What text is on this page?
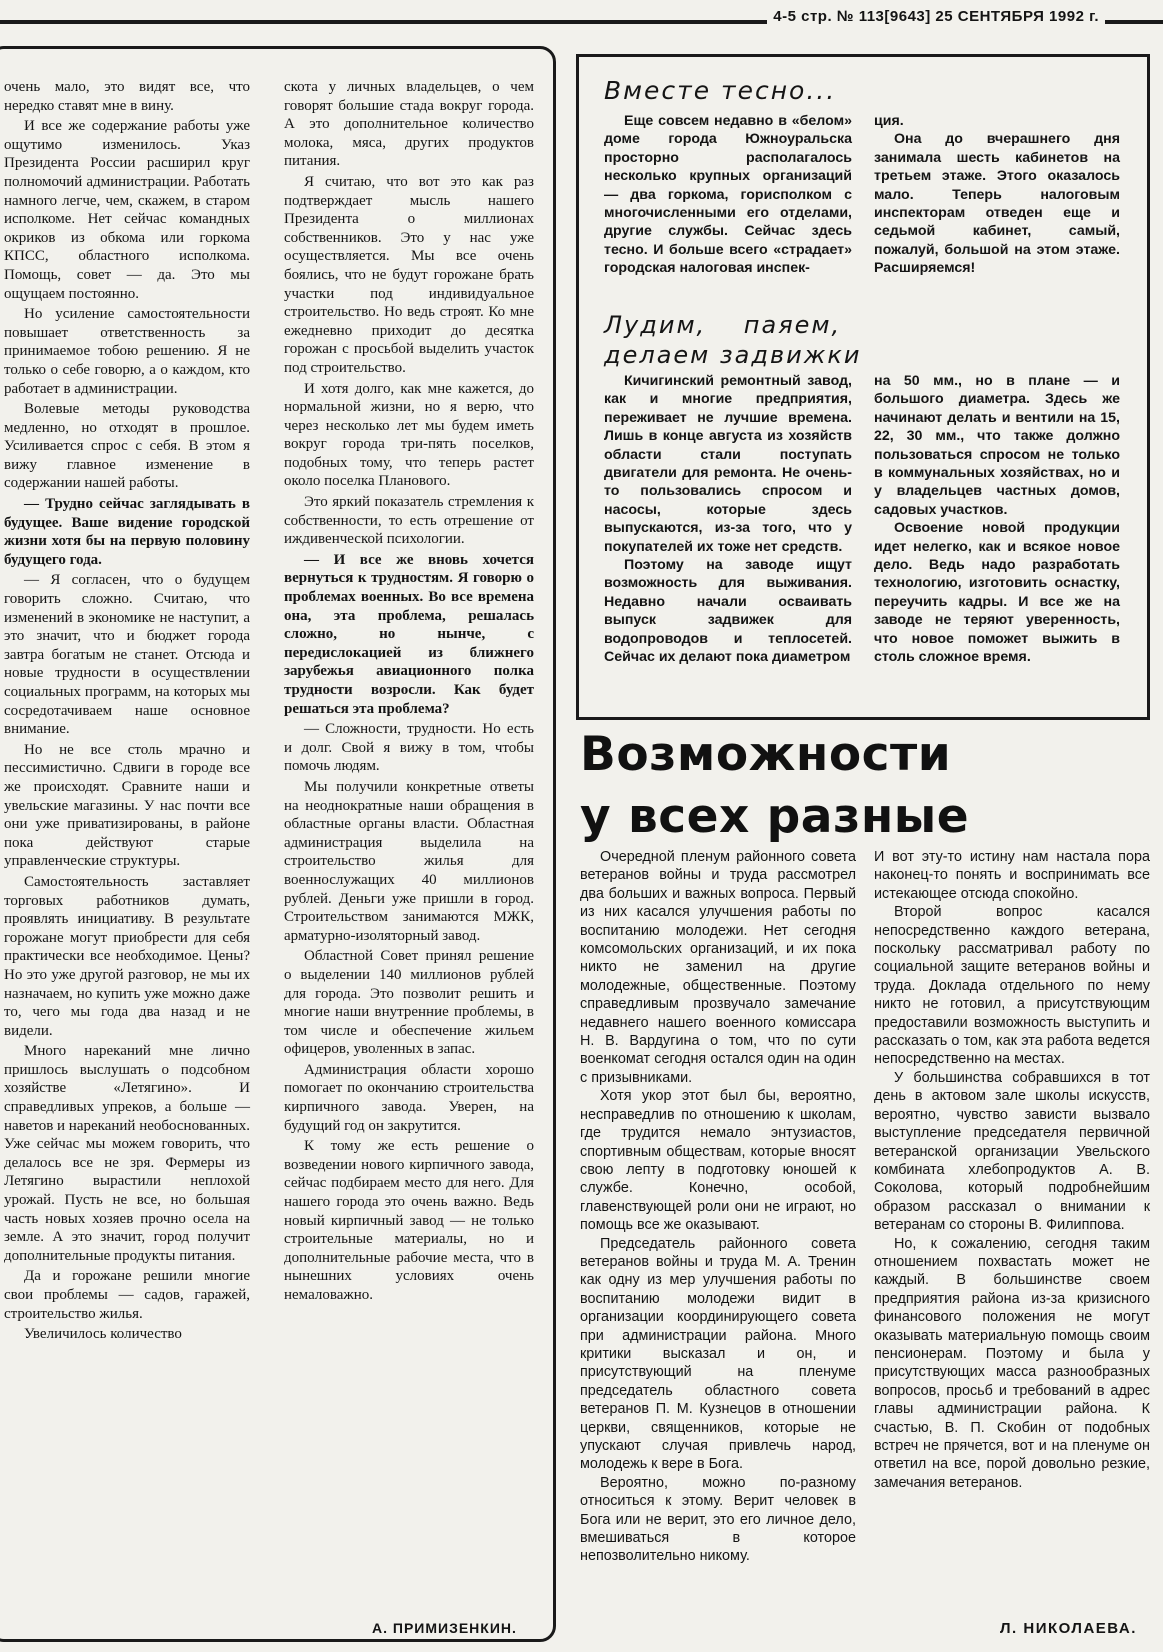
4-5 стр. № 113[9643] 25 СЕНТЯБРЯ 1992 г.

очень мало, это видят все, что нередко ставят мне в вину.

И все же содержание работы уже ощутимо изменилось. Указ Президента России расширил круг полномочий администрации. Работать намного легче, чем, скажем, в старом исполкоме. Нет сейчас командных окриков из обкома или горкома КПСС, областного исполкома. Помощь, совет — да. Это мы ощущаем постоянно.

Но усиление самостоятельности повышает ответственность за принимаемое тобою решению. Я не только о себе говорю, а о каждом, кто работает в администрации.

Волевые методы руководства медленно, но отходят в прошлое. Усиливается спрос с себя. В этом я вижу главное изменение в содержании нашей работы.

— Трудно сейчас заглядывать в будущее. Ваше видение городской жизни хотя бы на первую половину будущего года.

— Я согласен, что о будущем говорить сложно. Считаю, что изменений в экономике не наступит, а это значит, что и бюджет города завтра богатым не станет. Отсюда и новые трудности в осуществлении социальных программ, на которых мы сосредотачиваем наше основное внимание.

Но не все столь мрачно и пессимистично. Сдвиги в городе все же происходят. Сравните наши и увельские магазины. У нас почти все они уже приватизированы, в районе пока действуют старые управленческие структуры.

Самостоятельность заставляет торговых работников думать, проявлять инициативу. В результате горожане могут приобрести для себя практически все необходимое. Цены? Но это уже другой разговор, не мы их назначаем, но купить уже можно даже то, чего мы года два назад и не видели.

Много нареканий мне лично пришлось выслушать о подсобном хозяйстве «Летягино». И справедливых упреков, а больше — наветов и нареканий необоснованных. Уже сейчас мы можем говорить, что делалось все не зря. Фермеры из Летягино вырастили неплохой урожай. Пусть не все, но большая часть новых хозяев прочно осела на земле. А это значит, город получит дополнительные продукты питания.

Да и горожане решили многие свои проблемы — садов, гаражей, строительство жилья.

Увеличилось количество

скота у личных владельцев, о чем говорят большие стада вокруг города. А это дополнительное количество молока, мяса, других продуктов питания.

Я считаю, что вот это как раз подтверждает мысль нашего Президента о миллионах собственников. Это у нас уже осуществляется. Мы все очень боялись, что не будут горожане брать участки под индивидуальное строительство. Но ведь строят. Ко мне ежедневно приходит до десятка горожан с просьбой выделить участок под строительство.

И хотя долго, как мне кажется, до нормальной жизни, но я верю, что через несколько лет мы будем иметь вокруг города три-пять поселков, подобных тому, что теперь растет около поселка Планового.

Это яркий показатель стремления к собственности, то есть отрешение от иждивенческой психологии.

— И все же вновь хочется вернуться к трудностям. Я говорю о проблемах военных. Во все времена она, эта проблема, решалась сложно, но нынче, с передислокацией из ближнего зарубежья авиационного полка трудности возросли. Как будет решаться эта проблема?

— Сложности, трудности. Но есть и долг. Свой я вижу в том, чтобы помочь людям.

Мы получили конкретные ответы на неоднократные наши обращения в областные органы власти. Областная администрация выделила на строительство жилья для военнослужащих 40 миллионов рублей. Деньги уже пришли в город. Строительством занимаются МЖК, арматурно-изоляторный завод.

Областной Совет принял решение о выделении 140 миллионов рублей для города. Это позволит решить и многие наши внутренние проблемы, в том числе и обеспечение жильем офицеров, уволенных в запас.

Администрация области хорошо помогает по окончанию строительства кирпичного завода. Уверен, на будущий год он закрутится.

К тому же есть решение о возведении нового кирпичного завода, сейчас подбираем место для него. Для нашего города это очень важно. Ведь новый кирпичный завод — не только строительные материалы, но и дополнительные рабочие места, что в нынешних условиях очень немаловажно.

А. ПРИМИЗЕНКИН.
Вместе тесно...

Еще совсем недавно в «белом» доме города Южноуральска просторно располагалось несколько крупных организаций — два горкома, горисполком с многочисленными его отделами, другие службы. Сейчас здесь тесно. И больше всего «страдает» городская налоговая инспек-

ция.

Она до вчерашнего дня занимала шесть кабинетов на третьем этаже. Этого оказалось мало. Теперь налоговым инспекторам отведен еще и седьмой кабинет, самый, пожалуй, большой на этом этаже. Расширяемся!

Лудим, паяем,
делаем задвижки

Кичигинский ремонтный завод, как и многие предприятия, переживает не лучшие времена. Лишь в конце августа из хозяйств области стали поступать двигатели для ремонта. Не очень-то пользовались спросом и насосы, которые здесь выпускаются, из-за того, что у покупателей их тоже нет средств.

Поэтому на заводе ищут возможность для выживания. Недавно начали осваивать выпуск задвижек для водопроводов и теплосетей. Сейчас их делают пока диаметром

на 50 мм., но в плане — и большого диаметра. Здесь же начинают делать и вентили на 15, 22, 30 мм., что также должно пользоваться спросом не только в коммунальных хозяйствах, но и у владельцев частных домов, садовых участков.

Освоение новой продукции идет нелегко, как и всякое новое дело. Ведь надо разработать технологию, изготовить оснастку, переучить кадры. И все же на заводе не теряют уверенность, что новое поможет выжить в столь сложное время.

Возможности
у всех разные

Очередной пленум районного совета ветеранов войны и труда рассмотрел два больших и важных вопроса. Первый из них касался улучшения работы по воспитанию молодежи. Нет сегодня комсомольских организаций, и их пока никто не заменил на другие молодежные, общественные. Поэтому справедливым прозвучало замечание недавнего нашего военного комиссара Н. В. Вардугина о том, что по сути военкомат сегодня остался один на один с призывниками.

Хотя укор этот был бы, вероятно, несправедлив по отношению к школам, где трудится немало энтузиастов, спортивным обществам, которые вносят свою лепту в подготовку юношей к службе. Конечно, особой, главенствующей роли они не играют, но помощь все же оказывают.

Председатель районного совета ветеранов войны и труда М. А. Тренин как одну из мер улучшения работы по воспитанию молодежи видит в организации координирующего совета при администрации района. Много критики высказал и он, и присутствующий на пленуме председатель областного совета ветеранов П. М. Кузнецов в отношении церкви, священников, которые не упускают случая привлечь народ, молодежь к вере в Бога.

Вероятно, можно по-разному относиться к этому. Верит человек в Бога или не верит, это его личное дело, вмешиваться в которое непозволительно никому.

И вот эту-то истину нам настала пора наконец-то понять и воспринимать все истекающее отсюда спокойно.

Второй вопрос касался непосредственно каждого ветерана, поскольку рассматривал работу по социальной защите ветеранов войны и труда. Доклада отдельного по нему никто не готовил, а присутствующим предоставили возможность выступить и рассказать о том, как эта работа ведется непосредственно на местах.

У большинства собравшихся в тот день в актовом зале школы искусств, вероятно, чувство зависти вызвало выступление председателя первичной ветеранской организации Увельского комбината хлебопродуктов А. В. Соколова, который подробнейшим образом рассказал о внимании к ветеранам со стороны В. Филиппова.

Но, к сожалению, сегодня таким отношением похвастать может не каждый. В большинстве своем предприятия района из-за кризисного финансового положения не могут оказывать материальную помощь своим пенсионерам. Поэтому и была у присутствующих масса разнообразных вопросов, просьб и требований в адрес главы администрации района. К счастью, В. П. Скобин от подобных встреч не прячется, вот и на пленуме он ответил на все, порой довольно резкие, замечания ветеранов.

Л. НИКОЛАЕВА.
